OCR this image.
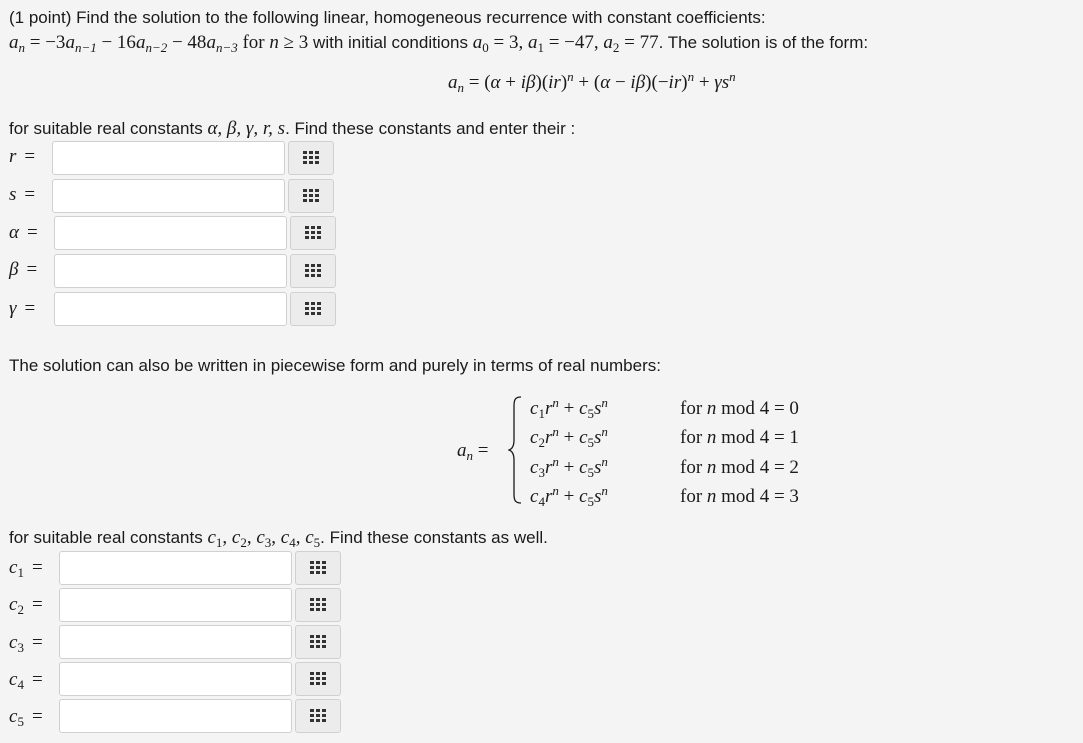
(1 point) Find the solution to the following linear, homogeneous recurrence with constant coefficients:
$a_n = -3a_{n-1} - 16a_{n-2} - 48a_{n-3}$ for n ≥ 3 with initial conditions $a_0 = 3$, $a_1 = -47$, $a_2 = 77$. The solution is of the form:
$a_n = (\alpha + i\beta)(ir)^n + (\alpha - i\beta)(-ir)^n + \gamma s^n$
for suitable real constants α, β, γ, r, s. Find these constants and enter their :
r =
s =
α =
β =
γ =
The solution can also be written in piecewise form and purely in terms of real numbers:
$a_n$ =
$c_1r^n + c_5s^n$
$c_2r^n + c_5s^n$
$c_3r^n + c_5s^n$
$c_4r^n + c_5s^n$
for n mod 4 = 0
for n mod 4 = 1
for n mod 4 = 2
for n mod 4 = 3
for suitable real constants $c_1$, $c_2$, $c_3$, $c_4$, $c_5$. Find these constants as well.
$c_1$ =
$c_2$ =
$c_3$ =
$c_4$ =
$c_5$ =
